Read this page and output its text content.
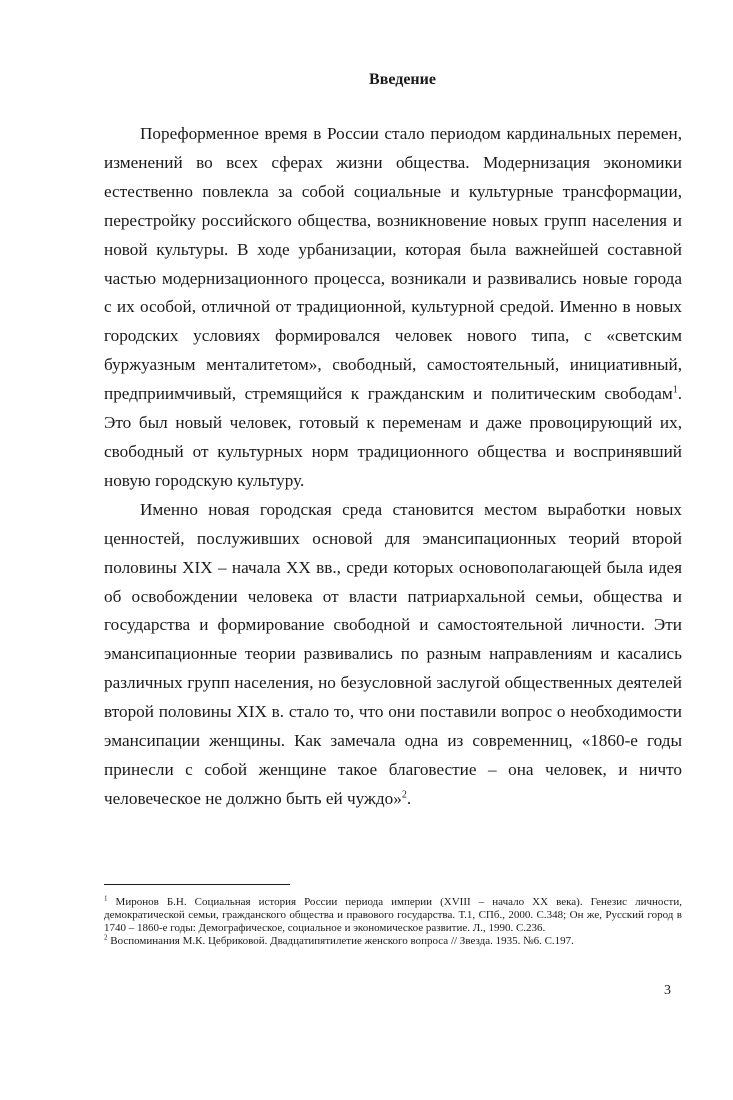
Введение

Пореформенное время в России стало периодом кардинальных перемен, изменений во всех сферах жизни общества. Модернизация экономики естественно повлекла за собой социальные и культурные трансформации, перестройку российского общества, возникновение новых групп населения и новой культуры. В ходе урбанизации, которая была важнейшей составной частью модернизационного процесса, возникали и развивались новые города с их особой, отличной от традиционной, культурной средой. Именно в новых городских условиях формировался человек нового типа, с «светским буржуазным менталитетом», свободный, самостоятельный, инициативный, предприимчивый, стремящийся к гражданским и политическим свободам$^1$. Это был новый человек, готовый к переменам и даже провоцирующий их, свободный от культурных норм традиционного общества и воспринявший новую городскую культуру.

Именно новая городская среда становится местом выработки новых ценностей, послуживших основой для эмансипационных теорий второй половины XIX – начала XX вв., среди которых основополагающей была идея об освобождении человека от власти патриархальной семьи, общества и государства и формирование свободной и самостоятельной личности. Эти эмансипационные теории развивались по разным направлениям и касались различных групп населения, но безусловной заслугой общественных деятелей второй половины XIX в. стало то, что они поставили вопрос о необходимости эмансипации женщины. Как замечала одна из современниц, «1860-е годы принесли с собой женщине такое благовестие – она человек, и ничто человеческое не должно быть ей чуждо»$^2$.

$^1$ Миронов Б.Н. Социальная история России периода империи (XVIII – начало XX века). Генезис личности, демократической семьи, гражданского общества и правового государства. Т.1, СПб., 2000. С.348; Он же, Русский город в 1740 – 1860-е годы: Демографическое, социальное и экономическое развитие. Л., 1990. С.236.

$^2$ Воспоминания М.К. Цебриковой. Двадцатипятилетие женского вопроса // Звезда. 1935. №6. С.197.

3
